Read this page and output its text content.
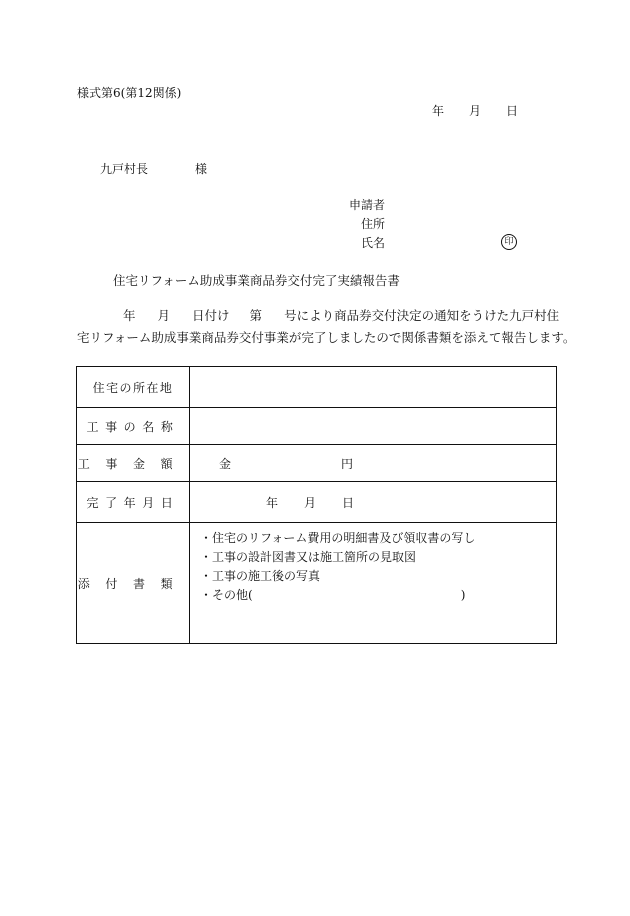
様式第6(第12関係)
年 月 日
九戸村長	様
申請者
住所
氏名	印
住宅リフォーム助成事業商品券交付完了実績報告書
年 月 日付け 第 号により商品券交付決定の通知をうけた九戸村住
宅リフォーム助成事業商品券交付事業が完了しましたので関係書類を添えて報告します。
住宅の所在地	
工事の名称	
工事金額	金 円
完了年月日	年 月 日
添付書類	・住宅のリフォーム費用の明細書及び領収書の写し
・工事の設計図書又は施工箇所の見取図
・工事の施工後の写真
・その他( )
